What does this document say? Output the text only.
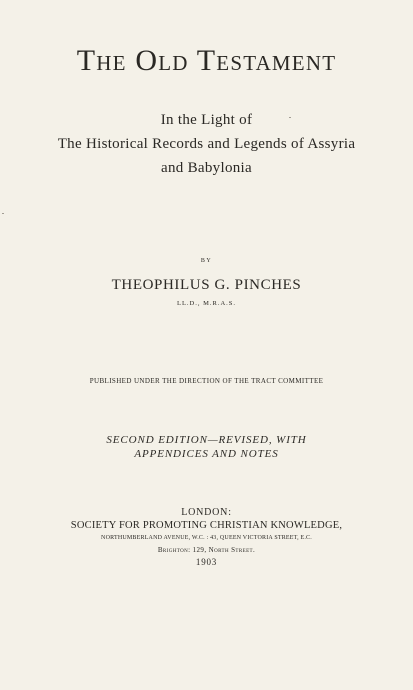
The Old Testament
In the Light of
The Historical Records and Legends of Assyria
and Babylonia
BY
THEOPHILUS G. PINCHES
LL.D., M.R.A.S.
PUBLISHED UNDER THE DIRECTION OF THE TRACT COMMITTEE
SECOND EDITION—REVISED, WITH
APPENDICES AND NOTES
LONDON:
SOCIETY FOR PROMOTING CHRISTIAN KNOWLEDGE,
NORTHUMBERLAND AVENUE, W.C. : 43, QUEEN VICTORIA STREET, E.C.
Brighton: 129, North Street.
1903
